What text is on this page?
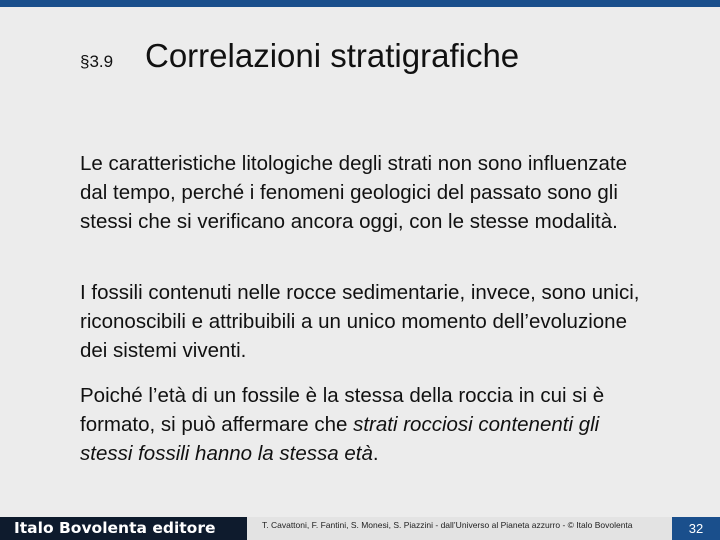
§3.9 Correlazioni stratigrafiche

Le caratteristiche litologiche degli strati non sono influenzate dal tempo, perché i fenomeni geologici del passato sono gli stessi che si verificano ancora oggi, con le stesse modalità.

I fossili contenuti nelle rocce sedimentarie, invece, sono unici, riconoscibili e attribuibili a un unico momento dell’evoluzione dei sistemi viventi.

Poiché l’età di un fossile è la stessa della roccia in cui si è formato, si può affermare che strati rocciosi contenenti gli stessi fossili hanno la stessa età.

Italo Bovolenta editore	T. Cavattoni, F. Fantini, S. Monesi, S. Piazzini - dall’Universo al Pianeta azzurro - © Italo Bovolenta	32
